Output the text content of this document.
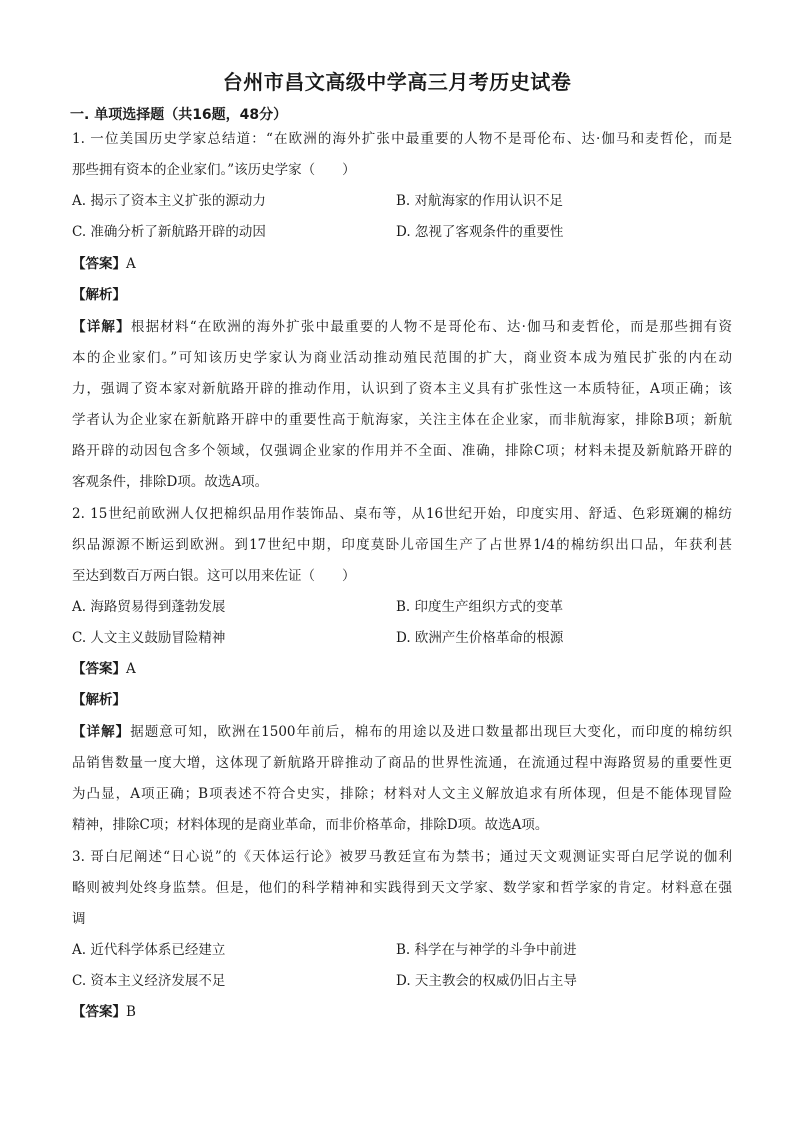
台州市昌文高级中学高三月考历史试卷
一. 单项选择题（共16题，48分）
1. 一位美国历史学家总结道：“在欧洲的海外扩张中最重要的人物不是哥伦布、达·伽马和麦哲伦，而是
那些拥有资本的企业家们。”该历史学家（　　）
A. 揭示了资本主义扩张的源动力	B. 对航海家的作用认识不足
C. 准确分析了新航路开辟的动因	D. 忽视了客观条件的重要性
【答案】A
【解析】
【详解】根据材料“在欧洲的海外扩张中最重要的人物不是哥伦布、达·伽马和麦哲伦，而是那些拥有资
本的企业家们。”可知该历史学家认为商业活动推动殖民范围的扩大，商业资本成为殖民扩张的内在动
力，强调了资本家对新航路开辟的推动作用，认识到了资本主义具有扩张性这一本质特征，A项正确；该
学者认为企业家在新航路开辟中的重要性高于航海家，关注主体在企业家，而非航海家，排除B项；新航
路开辟的动因包含多个领域，仅强调企业家的作用并不全面、准确，排除C项；材料未提及新航路开辟的
客观条件，排除D项。故选A项。
2. 15世纪前欧洲人仅把棉织品用作装饰品、桌布等，从16世纪开始，印度实用、舒适、色彩斑斓的棉纺
织品源源不断运到欧洲。到17世纪中期，印度莫卧儿帝国生产了占世界1/4的棉纺织出口品，年获利甚
至达到数百万两白银。这可以用来佐证（　　）
A. 海路贸易得到蓬勃发展	B. 印度生产组织方式的变革
C. 人文主义鼓励冒险精神	D. 欧洲产生价格革命的根源
【答案】A
【解析】
【详解】据题意可知，欧洲在1500年前后，棉布的用途以及进口数量都出现巨大变化，而印度的棉纺织
品销售数量一度大增，这体现了新航路开辟推动了商品的世界性流通，在流通过程中海路贸易的重要性更
为凸显，A项正确；B项表述不符合史实，排除；材料对人文主义解放追求有所体现，但是不能体现冒险
精神，排除C项；材料体现的是商业革命，而非价格革命，排除D项。故选A项。
3. 哥白尼阐述“日心说”的《天体运行论》被罗马教廷宣布为禁书；通过天文观测证实哥白尼学说的伽利
略则被判处终身监禁。但是，他们的科学精神和实践得到天文学家、数学家和哲学家的肯定。材料意在强
调
A. 近代科学体系已经建立	B. 科学在与神学的斗争中前进
C. 资本主义经济发展不足	D. 天主教会的权威仍旧占主导
【答案】B
